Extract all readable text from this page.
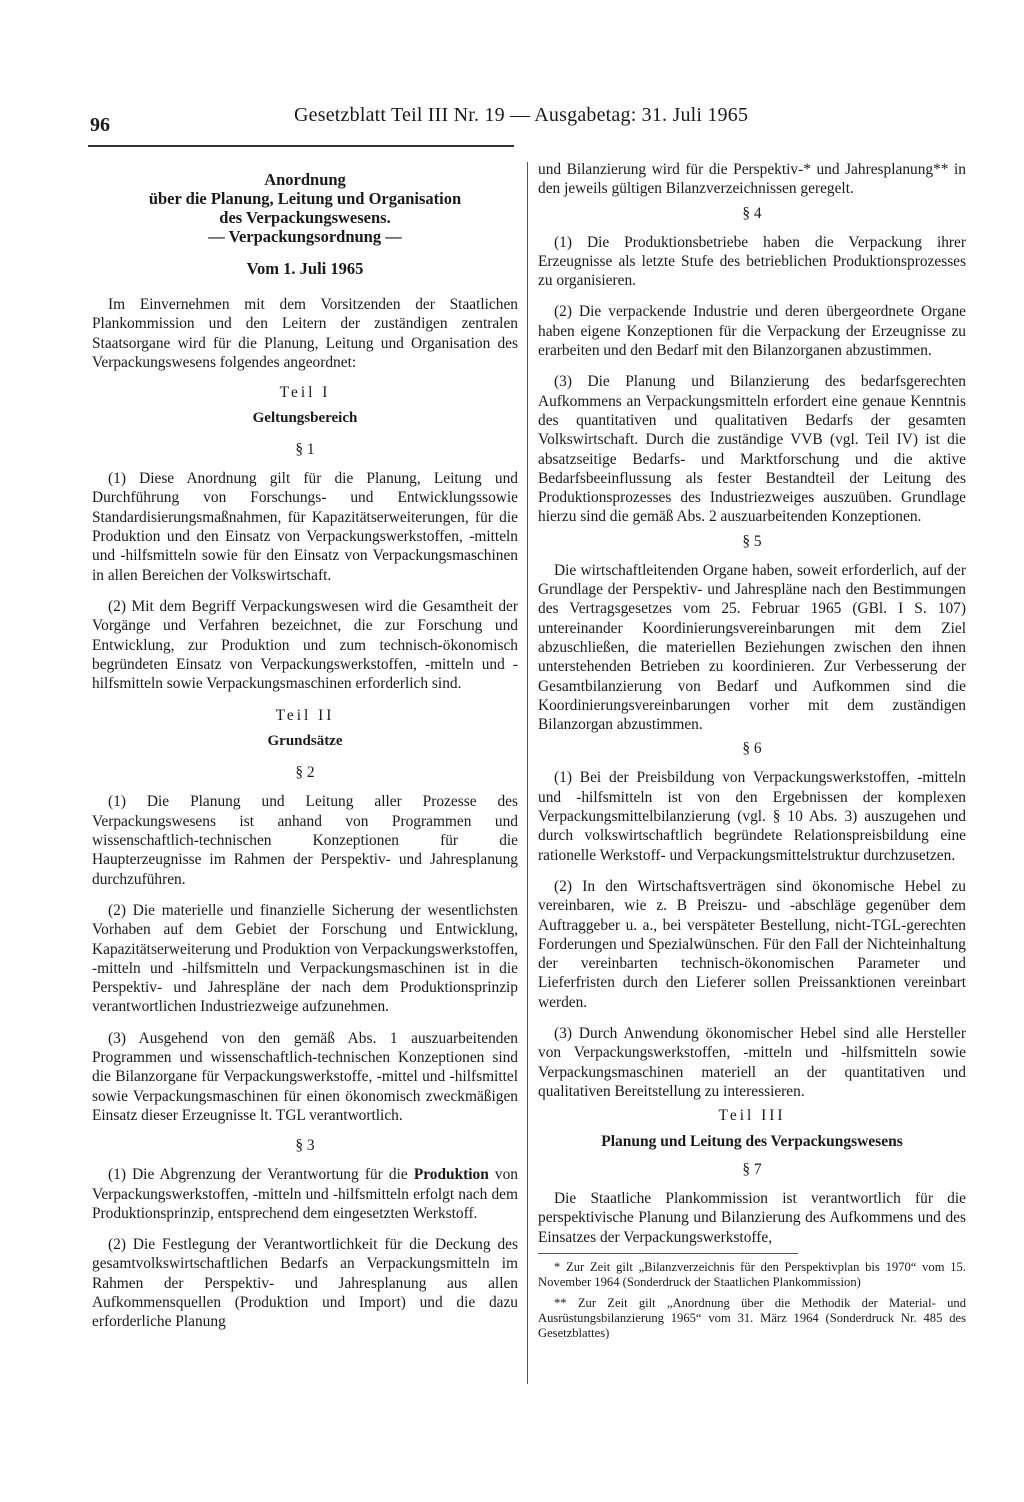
96	Gesetzblatt Teil III Nr. 19 — Ausgabetag: 31. Juli 1965
Anordnung
über die Planung, Leitung und Organisation
des Verpackungswesens.
— Verpackungsordnung —
Vom 1. Juli 1965

Im Einvernehmen mit dem Vorsitzenden der Staatlichen Plankommission und den Leitern der zuständigen zentralen Staatsorgane wird für die Planung, Leitung und Organisation des Verpackungswesens folgendes angeordnet:

Teil I
Geltungsbereich
§ 1

(1) Diese Anordnung gilt für die Planung, Leitung und Durchführung von Forschungs- und Entwicklungssowie Standardisierungsmaßnahmen, für Kapazitätserweiterungen, für die Produktion und den Einsatz von Verpackungswerkstoffen, -mitteln und -hilfsmitteln sowie für den Einsatz von Verpackungsmaschinen in allen Bereichen der Volkswirtschaft.

(2) Mit dem Begriff Verpackungswesen wird die Gesamtheit der Vorgänge und Verfahren bezeichnet, die zur Forschung und Entwicklung, zur Produktion und zum technisch-ökonomisch begründeten Einsatz von Verpackungswerkstoffen, -mitteln und -hilfsmitteln sowie Verpackungsmaschinen erforderlich sind.

Teil II
Grundsätze
§ 2

(1) Die Planung und Leitung aller Prozesse des Verpackungswesens ist anhand von Programmen und wissenschaftlich-technischen Konzeptionen für die Haupterzeugnisse im Rahmen der Perspektiv- und Jahresplanung durchzuführen.

(2) Die materielle und finanzielle Sicherung der wesentlichsten Vorhaben auf dem Gebiet der Forschung und Entwicklung, Kapazitätserweiterung und Produktion von Verpackungswerkstoffen, -mitteln und -hilfsmitteln und Verpackungsmaschinen ist in die Perspektiv- und Jahrespläne der nach dem Produktionsprinzip verantwortlichen Industriezweige aufzunehmen.

(3) Ausgehend von den gemäß Abs. 1 auszuarbeitenden Programmen und wissenschaftlich-technischen Konzeptionen sind die Bilanzorgane für Verpackungswerkstoffe, -mittel und -hilfsmittel sowie Verpackungsmaschinen für einen ökonomisch zweckmäßigen Einsatz dieser Erzeugnisse lt. TGL verantwortlich.

§ 3

(1) Die Abgrenzung der Verantwortung für die Produktion von Verpackungswerkstoffen, -mitteln und -hilfsmitteln erfolgt nach dem Produktionsprinzip, entsprechend dem eingesetzten Werkstoff.

(2) Die Festlegung der Verantwortlichkeit für die Deckung des gesamtvolkswirtschaftlichen Bedarfs an Verpackungsmitteln im Rahmen der Perspektiv- und Jahresplanung aus allen Aufkommensquellen (Produktion und Import) und die dazu erforderliche Planung

und Bilanzierung wird für die Perspektiv-* und Jahresplanung** in den jeweils gültigen Bilanzverzeichnissen geregelt.

§ 4

(1) Die Produktionsbetriebe haben die Verpackung ihrer Erzeugnisse als letzte Stufe des betrieblichen Produktionsprozesses zu organisieren.

(2) Die verpackende Industrie und deren übergeordnete Organe haben eigene Konzeptionen für die Verpackung der Erzeugnisse zu erarbeiten und den Bedarf mit den Bilanzorganen abzustimmen.

(3) Die Planung und Bilanzierung des bedarfsgerechten Aufkommens an Verpackungsmitteln erfordert eine genaue Kenntnis des quantitativen und qualitativen Bedarfs der gesamten Volkswirtschaft. Durch die zuständige VVB (vgl. Teil IV) ist die absatzseitige Bedarfs- und Marktforschung und die aktive Bedarfsbeeinflussung als fester Bestandteil der Leitung des Produktionsprozesses des Industriezweiges auszuüben. Grundlage hierzu sind die gemäß Abs. 2 auszuarbeitenden Konzeptionen.

§ 5

Die wirtschaftleitenden Organe haben, soweit erforderlich, auf der Grundlage der Perspektiv- und Jahrespläne nach den Bestimmungen des Vertragsgesetzes vom 25. Februar 1965 (GBl. I S. 107) untereinander Koordinierungsvereinbarungen mit dem Ziel abzuschließen, die materiellen Beziehungen zwischen den ihnen unterstehenden Betrieben zu koordinieren. Zur Verbesserung der Gesamtbilanzierung von Bedarf und Aufkommen sind die Koordinierungsvereinbarungen vorher mit dem zuständigen Bilanzorgan abzustimmen.

§ 6

(1) Bei der Preisbildung von Verpackungswerkstoffen, -mitteln und -hilfsmitteln ist von den Ergebnissen der komplexen Verpackungsmittelbilanzierung (vgl. § 10 Abs. 3) auszugehen und durch volkswirtschaftlich begründete Relationspreisbildung eine rationelle Werkstoff- und Verpackungsmittelstruktur durchzusetzen.

(2) In den Wirtschaftsverträgen sind ökonomische Hebel zu vereinbaren, wie z. B Preiszu- und -abschläge gegenüber dem Auftraggeber u. a., bei verspäteter Bestellung, nicht-TGL-gerechten Forderungen und Spezialwünschen. Für den Fall der Nichteinhaltung der vereinbarten technisch-ökonomischen Parameter und Lieferfristen durch den Lieferer sollen Preissanktionen vereinbart werden.

(3) Durch Anwendung ökonomischer Hebel sind alle Hersteller von Verpackungswerkstoffen, -mitteln und -hilfsmitteln sowie Verpackungsmaschinen materiell an der quantitativen und qualitativen Bereitstellung zu interessieren.

Teil III
Planung und Leitung des Verpackungswesens
§ 7

Die Staatliche Plankommission ist verantwortlich für die perspektivische Planung und Bilanzierung des Aufkommens und des Einsatzes der Verpackungswerkstoffe,

* Zur Zeit gilt „Bilanzverzeichnis für den Perspektivplan bis 1970“ vom 15. November 1964 (Sonderdruck der Staatlichen Plankommission)

** Zur Zeit gilt „Anordnung über die Methodik der Material- und Ausrüstungsbilanzierung 1965“ vom 31. März 1964 (Sonderdruck Nr. 485 des Gesetzblattes)
